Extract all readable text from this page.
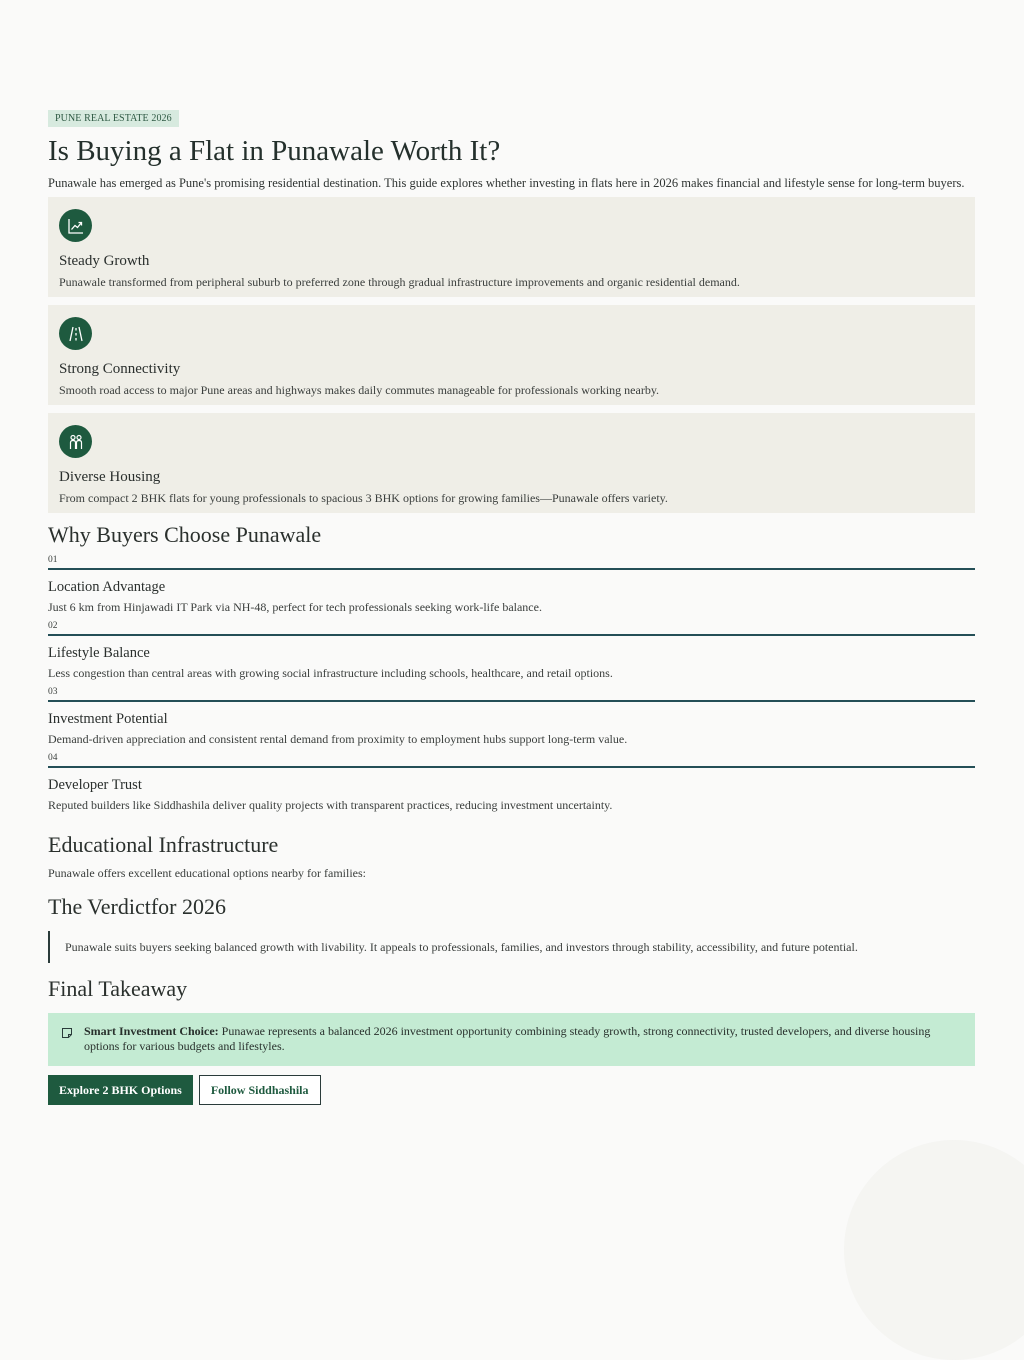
PUNE REAL ESTATE 2026
Is Buying a Flat in Punawale Worth It?

Punawale has emerged as Pune's promising residential destination. This guide explores whether investing in flats here in 2026 makes financial and lifestyle sense for long-term buyers.

Steady Growth
Punawale transformed from peripheral suburb to preferred zone through gradual infrastructure improvements and organic residential demand.
Strong Connectivity
Smooth road access to major Pune areas and highways makes daily commutes manageable for professionals working nearby.
Diverse Housing
From compact 2 BHK flats for young professionals to spacious 3 BHK options for growing families—Punawale offers variety.
Why Buyers Choose Punawale
01
Location Advantage
Just 6 km from Hinjawadi IT Park via NH-48, perfect for tech professionals seeking work-life balance.
02
Lifestyle Balance
Less congestion than central areas with growing social infrastructure including schools, healthcare, and retail options.
03
Investment Potential
Demand-driven appreciation and consistent rental demand from proximity to employment hubs support long-term value.
04
Developer Trust
Reputed builders like Siddhashila deliver quality projects with transparent practices, reducing investment uncertainty.
Educational Infrastructure
Punawale offers excellent educational options nearby for families:
The Verdictfor 2026
Punawale suits buyers seeking balanced growth with livability. It appeals to professionals, families, and investors through stability, accessibility, and future potential.
Final Takeaway
Smart Investment Choice: Punawae represents a balanced 2026 investment opportunity combining steady growth, strong connectivity, trusted developers, and diverse housing options for various budgets and lifestyles.
Explore 2 BHK Options	Follow Siddhashila
